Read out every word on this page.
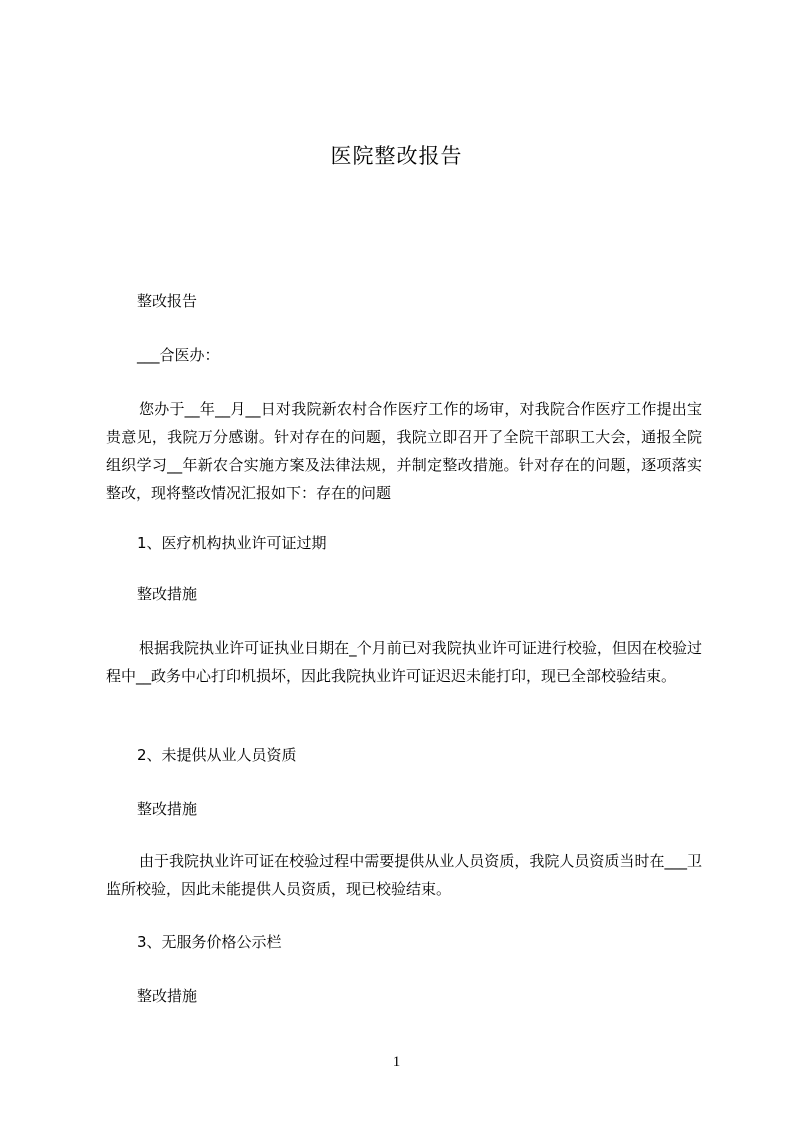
医院整改报告
整改报告
___合医办：
您办于__年__月__日对我院新农村合作医疗工作的场审，对我院合作医疗工作提出宝贵意见，我院万分感谢。针对存在的问题，我院立即召开了全院干部职工大会，通报全院组织学习__年新农合实施方案及法律法规，并制定整改措施。针对存在的问题，逐项落实整改，现将整改情况汇报如下：存在的问题
1、医疗机构执业许可证过期
整改措施
根据我院执业许可证执业日期在_个月前已对我院执业许可证进行校验，但因在校验过程中__政务中心打印机损坏，因此我院执业许可证迟迟未能打印，现已全部校验结束。
2、未提供从业人员资质
整改措施
由于我院执业许可证在校验过程中需要提供从业人员资质，我院人员资质当时在___卫监所校验，因此未能提供人员资质，现已校验结束。
3、无服务价格公示栏
整改措施
1
